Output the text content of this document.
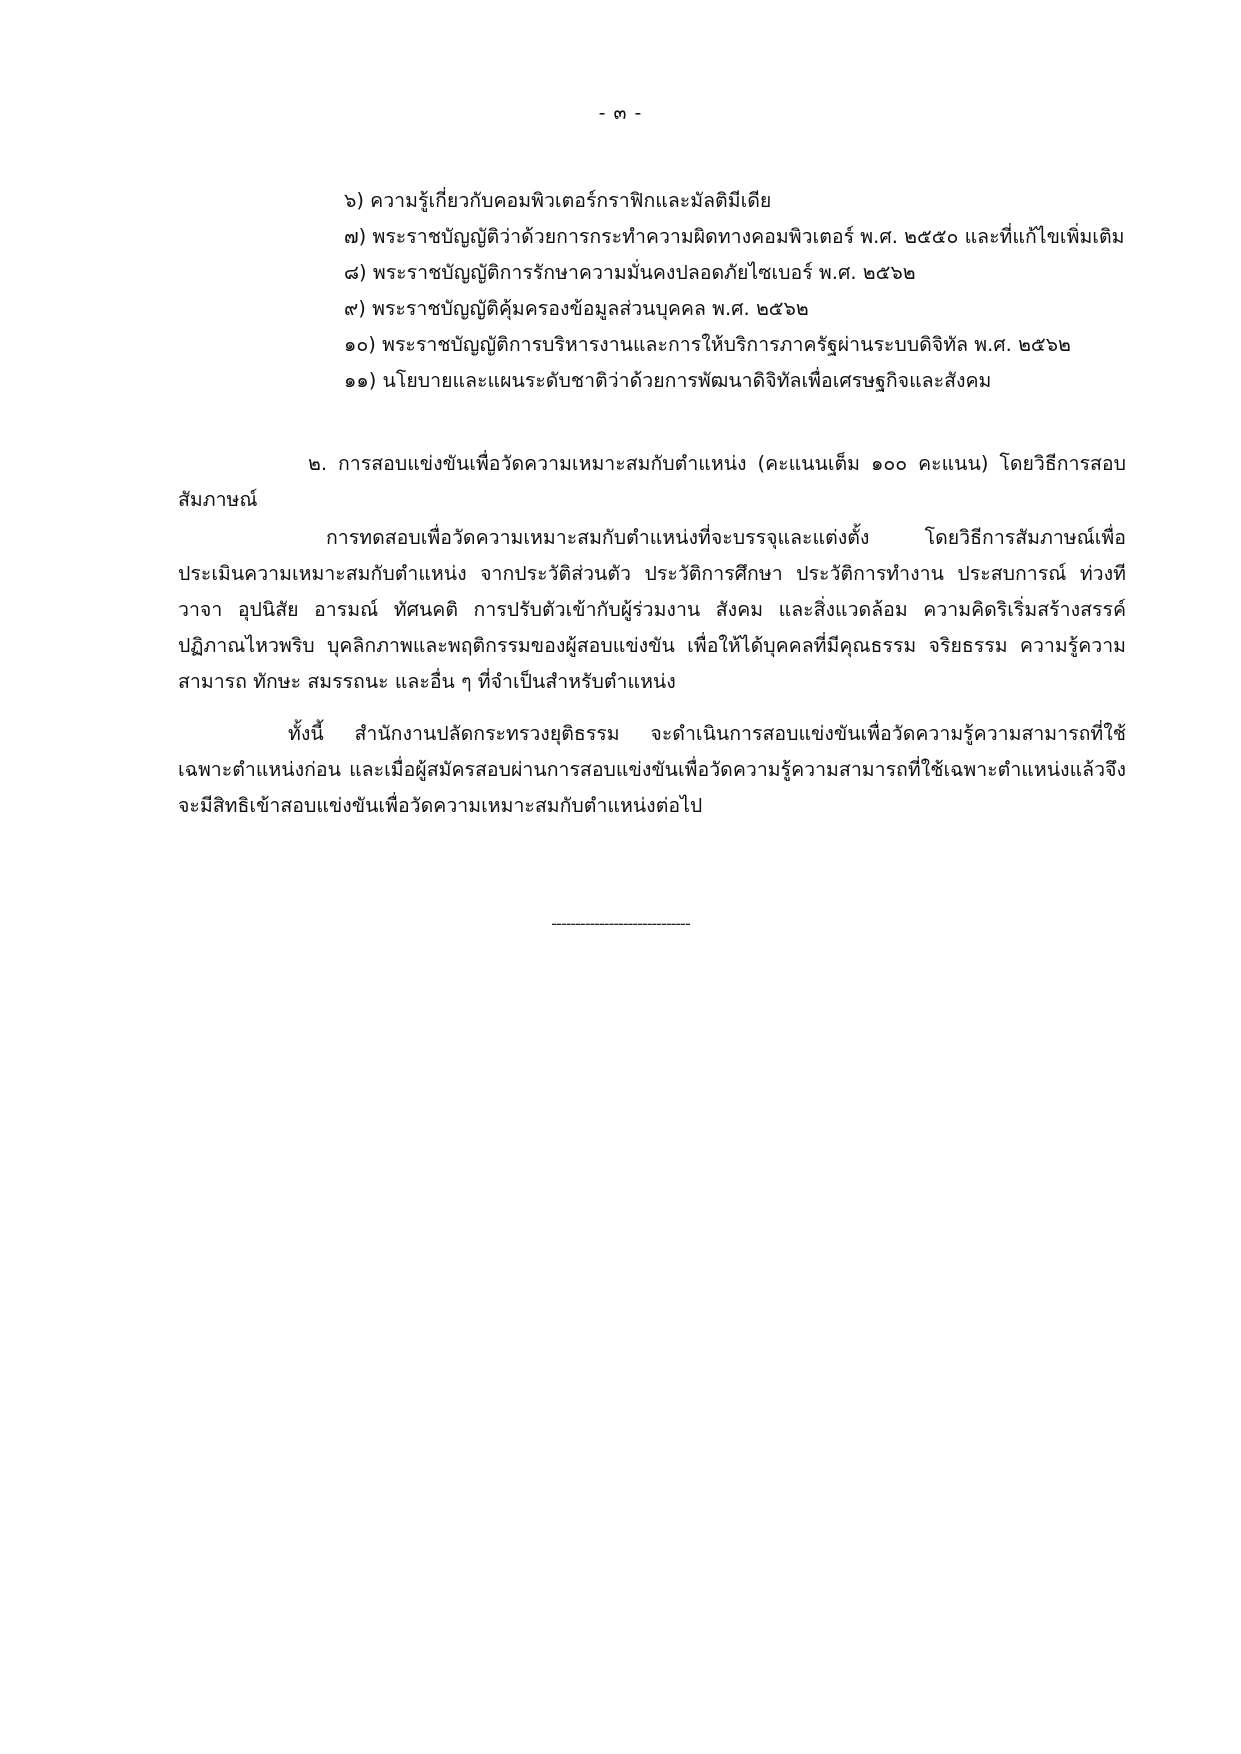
- ๓ -
๖) ความรู้เกี่ยวกับคอมพิวเตอร์กราฟิกและมัลติมีเดีย
๗) พระราชบัญญัติว่าด้วยการกระทำความผิดทางคอมพิวเตอร์ พ.ศ. ๒๕๕๐ และที่แก้ไขเพิ่มเติม
๘) พระราชบัญญัติการรักษาความมั่นคงปลอดภัยไซเบอร์ พ.ศ. ๒๕๖๒
๙) พระราชบัญญัติคุ้มครองข้อมูลส่วนบุคคล พ.ศ. ๒๕๖๒
๑๐) พระราชบัญญัติการบริหารงานและการให้บริการภาครัฐผ่านระบบดิจิทัล พ.ศ. ๒๕๖๒
๑๑) นโยบายและแผนระดับชาติว่าด้วยการพัฒนาดิจิทัลเพื่อเศรษฐกิจและสังคม

๒. การสอบแข่งขันเพื่อวัดความเหมาะสมกับตำแหน่ง (คะแนนเต็ม ๑๐๐ คะแนน) โดยวิธีการสอบสัมภาษณ์

การทดสอบเพื่อวัดความเหมาะสมกับตำแหน่งที่จะบรรจุและแต่งตั้ง โดยวิธีการสัมภาษณ์เพื่อประเมินความเหมาะสมกับตำแหน่ง จากประวัติส่วนตัว ประวัติการศึกษา ประวัติการทำงาน ประสบการณ์ ท่วงทีวาจา อุปนิสัย อารมณ์ ทัศนคติ การปรับตัวเข้ากับผู้ร่วมงาน สังคม และสิ่งแวดล้อม ความคิดริเริ่มสร้างสรรค์ ปฏิภาณไหวพริบ บุคลิกภาพและพฤติกรรมของผู้สอบแข่งขัน เพื่อให้ได้บุคคลที่มีคุณธรรม จริยธรรม ความรู้ความสามารถ ทักษะ สมรรถนะ และอื่น ๆ ที่จำเป็นสำหรับตำแหน่ง

ทั้งนี้ สำนักงานปลัดกระทรวงยุติธรรม จะดำเนินการสอบแข่งขันเพื่อวัดความรู้ความสามารถที่ใช้เฉพาะตำแหน่งก่อน และเมื่อผู้สมัครสอบผ่านการสอบแข่งขันเพื่อวัดความรู้ความสามารถที่ใช้เฉพาะตำแหน่งแล้วจึงจะมีสิทธิเข้าสอบแข่งขันเพื่อวัดความเหมาะสมกับตำแหน่งต่อไป

-----------------------------
